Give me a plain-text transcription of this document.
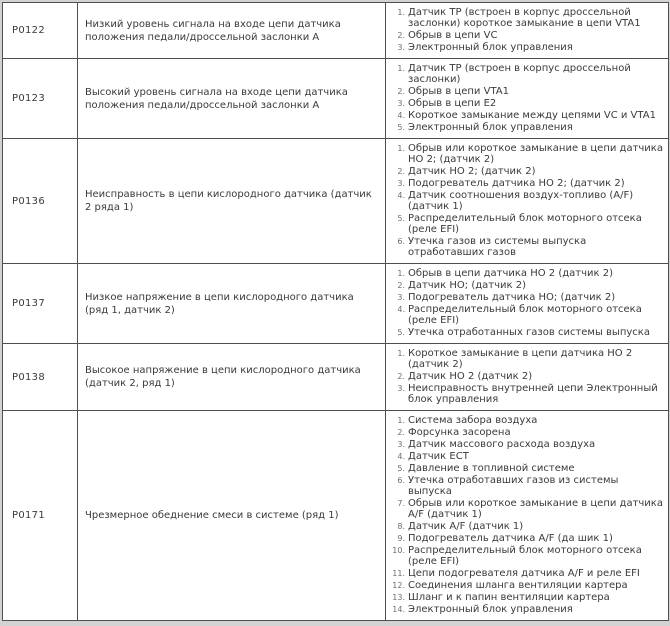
P0122	Низкий уровень сигнала на входе цепи датчика положения педали/дроссельной заслонки А	
Датчик TP (встроен в корпус дроссельной заслонки) короткое замыкание в цепи VTA1
Обрыв в цепи VC
Электронный блок управления

P0123	Высокий уровень сигнала на входе цепи датчика положения педали/дроссельной заслонки А	
Датчик TP (встроен в корпус дроссельной заслонки)
Обрыв в цепи VTA1
Обрыв в цепи E2
Короткое замыкание между цепями VC и VTA1
Электронный блок управления

P0136	Неисправность в цепи кислородного датчика (датчик 2 ряда 1)	
Обрыв или короткое замыкание в цепи датчика HO 2; (датчик 2)
Датчик HO 2; (датчик 2)
Подогреватель датчика HO 2; (датчик 2)
Датчик соотношения воздух-топливо (A/F) (датчик 1)
Распределительный блок моторного отсека (реле EFI)
Утечка газов из системы выпуска отработавших газов

P0137	Низкое напряжение в цепи кислородного датчика (ряд 1, датчик 2)	
Обрыв в цепи датчика HO 2 (датчик 2)
Датчик HO; (датчик 2)
Подогреватель датчика HO; (датчик 2)
Распределительный блок моторного отсека (реле EFI)
Утечка отработанных газов системы выпуска

P0138	Высокое напряжение в цепи кислородного датчика (датчик 2, ряд 1)	
Короткое замыкание в цепи датчика HO 2 (датчик 2)
Датчик HO 2 (датчик 2)
Неисправность внутренней цепи Электронный блок управления

P0171	Чрезмерное обеднение смеси в системе (ряд 1)	
Система забора воздуха
Форсунка засорена
Датчик массового расхода воздуха
Датчик ECT
Давление в топливной системе
Утечка отработавших газов из системы выпуска
Обрыв или короткое замыкание в цепи датчика A/F (датчик 1)
Датчик A/F (датчик 1)
Подогреватель датчика A/F (да шик 1)
Распределительный блок моторного отсека (реле EFI)
Цепи подогревателя датчика A/F и реле EFI
Соединения шланга вентиляции картера
Шланг и к папин вентиляции картера
Электронный блок управления
